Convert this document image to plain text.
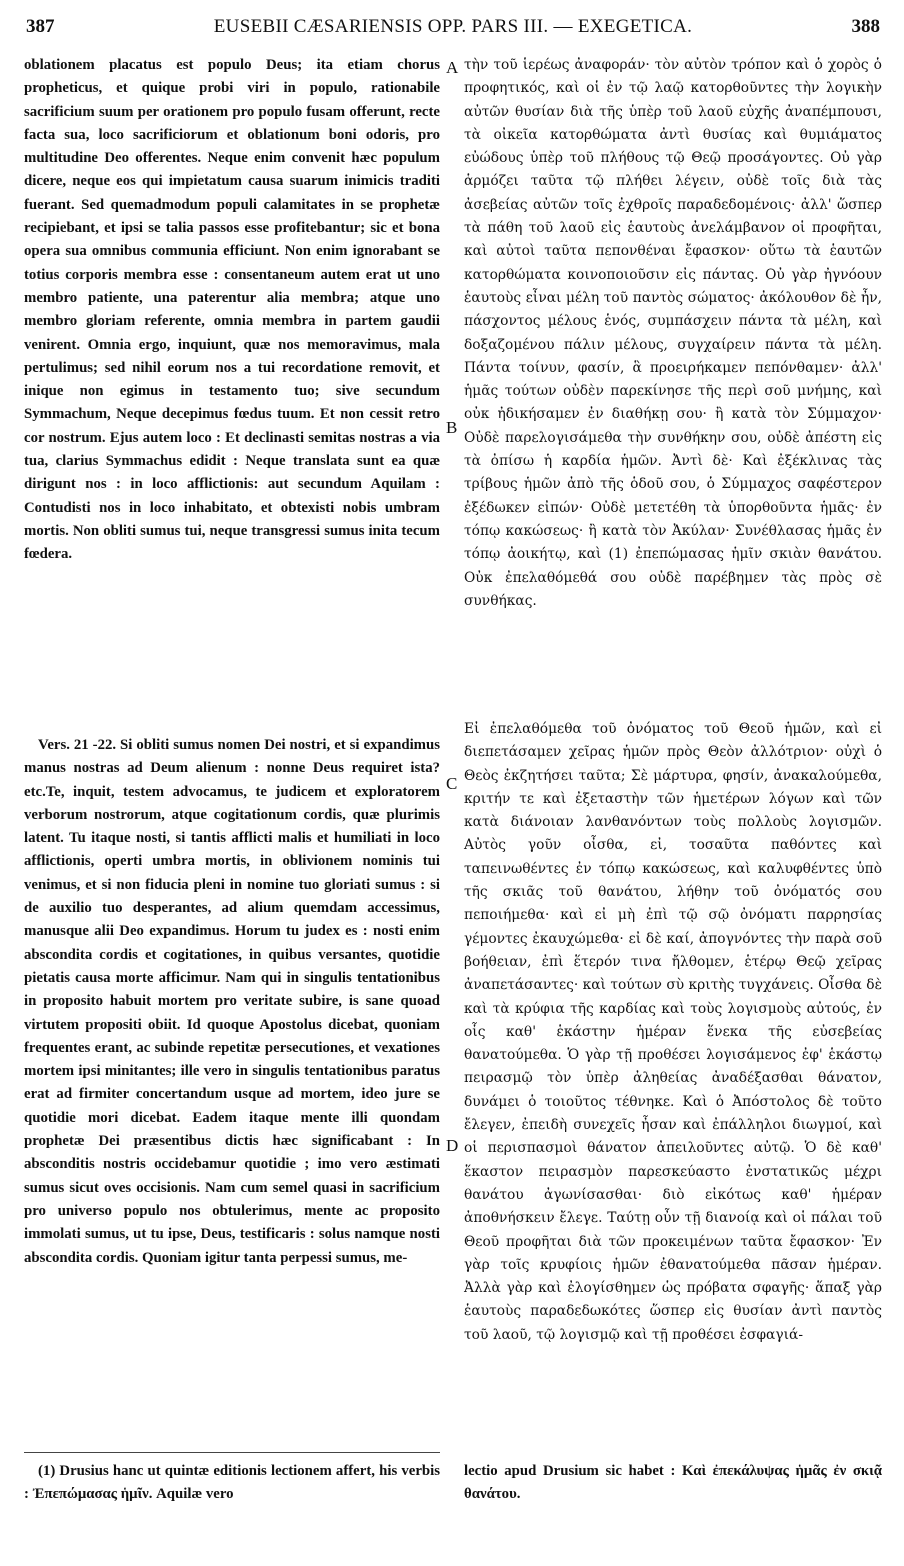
387	EUSEBII CÆSARIENSIS OPP. PARS III. — EXEGETICA.	388

oblationem placatus est populo Deus; ita etiam chorus propheticus, et quique probi viri in populo, rationabile sacrificium suum per orationem pro populo fusam offerunt, recte facta sua, loco sacrificiorum et oblationum boni odoris, pro multitudine Deo offerentes. Neque enim convenit hæc populum dicere, neque eos qui impietatum causa suarum inimicis traditi fuerant. Sed quemadmodum populi calamitates in se prophetæ recipiebant, et ipsi se talia passos esse profitebantur; sic et bona opera sua omnibus communia efficiunt. Non enim ignorabant se totius corporis membra esse : consentaneum autem erat ut uno membro patiente, una paterentur alia membra; atque uno membro gloriam referente, omnia membra in partem gaudii venirent. Omnia ergo, inquiunt, quæ nos memoravimus, mala pertulimus; sed nihil eorum nos a tui recordatione removit, et inique non egimus in testamento tuo; sive secundum Symmachum, Neque decepimus fœdus tuum. Et non cessit retro cor nostrum. Ejus autem loco : Et declinasti semitas nostras a via tua, clarius Symmachus edidit : Neque translata sunt ea quæ dirigunt nos : in loco afflictionis: aut secundum Aquilam : Contudisti nos in loco inhabitato, et obtexisti nobis umbram mortis. Non obliti sumus tui, neque transgressi sumus inita tecum fœdera.

Vers. 21 -22. Si obliti sumus nomen Dei nostri, et si expandimus manus nostras ad Deum alienum : nonne Deus requiret ista? etc.Te, inquit, testem advocamus, te judicem et exploratorem verborum nostrorum, atque cogitationum cordis, quæ plurimis latent. Tu itaque nosti, si tantis afflicti malis et humiliati in loco afflictionis, operti umbra mortis, in oblivionem nominis tui venimus, et si non fiducia pleni in nomine tuo gloriati sumus : si de auxilio tuo desperantes, ad alium quemdam accessimus, manusque alii Deo expandimus. Horum tu judex es : nosti enim abscondita cordis et cogitationes, in quibus versantes, quotidie pietatis causa morte afficimur. Nam qui in singulis tentationibus in proposito habuit mortem pro veritate subire, is sane quoad virtutem propositi obiit. Id quoque Apostolus dicebat, quoniam frequentes erant, ac subinde repetitæ persecutiones, et vexationes mortem ipsi minitantes; ille vero in singulis tentationibus paratus erat ad firmiter concertandum usque ad mortem, ideo jure se quotidie mori dicebat. Eadem itaque mente illi quondam prophetæ Dei præsentibus dictis hæc significabant : In absconditis nostris occidebamur quotidie ; imo vero æstimati sumus sicut oves occisionis. Nam cum semel quasi in sacrificium pro universo populo nos obtulerimus, mente ac proposito immolati sumus, ut tu ipse, Deus, testificaris : solus namque nosti abscondita cordis. Quoniam igitur tanta perpessi sumus, me-

(1) Drusius hanc ut quintæ editionis lectionem affert, his verbis : Ἐπεπώμασας ἡμῖν. Aquilæ vero

A
B
C
D

τὴν τοῦ ἱερέως ἀναφοράν· τὸν αὐτὸν τρόπον καὶ ὁ χορὸς ὁ προφητικός, καὶ οἱ ἐν τῷ λαῷ κατορθοῦντες τὴν λογικὴν αὐτῶν θυσίαν διὰ τῆς ὑπὲρ τοῦ λαοῦ εὐχῆς ἀναπέμπουσι, τὰ οἰκεῖα κατορθώματα ἀντὶ θυσίας καὶ θυμιάματος εὐώδους ὑπὲρ τοῦ πλήθους τῷ Θεῷ προσάγοντες. Οὐ γὰρ ἁρμόζει ταῦτα τῷ πλήθει λέγειν, οὐδὲ τοῖς διὰ τὰς ἀσεβείας αὐτῶν τοῖς ἐχθροῖς παραδεδομένοις· ἀλλ' ὥσπερ τὰ πάθη τοῦ λαοῦ εἰς ἑαυτοὺς ἀνελάμβανον οἱ προφῆται, καὶ αὐτοὶ ταῦτα πεπονθέναι ἔφασκον· οὕτω τὰ ἑαυτῶν κατορθώματα κοινοποιοῦσιν εἰς πάντας. Οὐ γὰρ ἠγνόουν ἑαυτοὺς εἶναι μέλη τοῦ παντὸς σώματος· ἀκόλουθον δὲ ἦν, πάσχοντος μέλους ἑνός, συμπάσχειν πάντα τὰ μέλη, καὶ δοξαζομένου πάλιν μέλους, συγχαίρειν πάντα τὰ μέλη. Πάντα τοίνυν, φασίν, ἃ προειρήκαμεν πεπόνθαμεν· ἀλλ' ἡμᾶς τούτων οὐδὲν παρεκίνησε τῆς περὶ σοῦ μνήμης, καὶ οὐκ ἠδικήσαμεν ἐν διαθήκῃ σου· ἢ κατὰ τὸν Σύμμαχον· Οὐδὲ παρελογισάμεθα τὴν συνθήκην σου, οὐδὲ ἀπέστη εἰς τὰ ὀπίσω ἡ καρδία ἡμῶν. Ἀντὶ δὲ· Καὶ ἐξέκλινας τὰς τρίβους ἡμῶν ἀπὸ τῆς ὁδοῦ σου, ὁ Σύμμαχος σαφέστερον ἐξέδωκεν εἰπών· Οὐδὲ μετετέθη τὰ ὑπορθοῦντα ἡμᾶς· ἐν τόπῳ κακώσεως· ἢ κατὰ τὸν Ἀκύλαν· Συνέθλασας ἡμᾶς ἐν τόπῳ ἀοικήτῳ, καὶ (1) ἐπεπώμασας ἡμῖν σκιὰν θανάτου. Οὐκ ἐπελαθόμεθά σου οὐδὲ παρέβημεν τὰς πρὸς σὲ συνθήκας.

Εἰ ἐπελαθόμεθα τοῦ ὀνόματος τοῦ Θεοῦ ἡμῶν, καὶ εἰ διεπετάσαμεν χεῖρας ἡμῶν πρὸς Θεὸν ἀλλότριον· οὐχὶ ὁ Θεὸς ἐκζητήσει ταῦτα; Σὲ μάρτυρα, φησίν, ἀνακαλούμεθα, κριτήν τε καὶ ἐξεταστὴν τῶν ἡμετέρων λόγων καὶ τῶν κατὰ διάνοιαν λανθανόντων τοὺς πολλοὺς λογισμῶν. Αὐτὸς γοῦν οἶσθα, εἰ, τοσαῦτα παθόντες καὶ ταπεινωθέντες ἐν τόπῳ κακώσεως, καὶ καλυφθέντες ὑπὸ τῆς σκιᾶς τοῦ θανάτου, λήθην τοῦ ὀνόματός σου πεποιήμεθα· καὶ εἰ μὴ ἐπὶ τῷ σῷ ὀνόματι παρρησίας γέμοντες ἐκαυχώμεθα· εἰ δὲ καί, ἀπογνόντες τὴν παρὰ σοῦ βοήθειαν, ἐπὶ ἕτερόν τινα ἤλθομεν, ἑτέρῳ Θεῷ χεῖρας ἀναπετάσαντες· καὶ τούτων σὺ κριτὴς τυγχάνεις. Οἶσθα δὲ καὶ τὰ κρύφια τῆς καρδίας καὶ τοὺς λογισμοὺς αὐτούς, ἐν οἷς καθ' ἑκάστην ἡμέραν ἕνεκα τῆς εὐσεβείας θανατούμεθα. Ὁ γὰρ τῇ προθέσει λογισάμενος ἐφ' ἑκάστῳ πειρασμῷ τὸν ὑπὲρ ἀληθείας ἀναδέξασθαι θάνατον, δυνάμει ὁ τοιοῦτος τέθνηκε. Καὶ ὁ Ἀπόστολος δὲ τοῦτο ἔλεγεν, ἐπειδὴ συνεχεῖς ἦσαν καὶ ἐπάλληλοι διωγμοί, καὶ οἱ περισπασμοὶ θάνατον ἀπειλοῦντες αὐτῷ. Ὁ δὲ καθ' ἕκαστον πειρασμὸν παρεσκεύαστο ἐνστατικῶς μέχρι θανάτου ἀγωνίσασθαι· διὸ εἰκότως καθ' ἡμέραν ἀποθνήσκειν ἔλεγε. Ταύτῃ οὖν τῇ διανοίᾳ καὶ οἱ πάλαι τοῦ Θεοῦ προφῆται διὰ τῶν προκειμένων ταῦτα ἔφασκον· Ἐν γὰρ τοῖς κρυφίοις ἡμῶν ἐθανατούμεθα πᾶσαν ἡμέραν. Ἀλλὰ γὰρ καὶ ἐλογίσθημεν ὡς πρόβατα σφαγῆς· ἅπαξ γὰρ ἑαυτοὺς παραδεδωκότες ὥσπερ εἰς θυσίαν ἀντὶ παντὸς τοῦ λαοῦ, τῷ λογισμῷ καὶ τῇ προθέσει ἐσφαγιά-

lectio apud Drusium sic habet : Καὶ ἐπεκάλυψας ἡμᾶς ἐν σκιᾷ θανάτου.
